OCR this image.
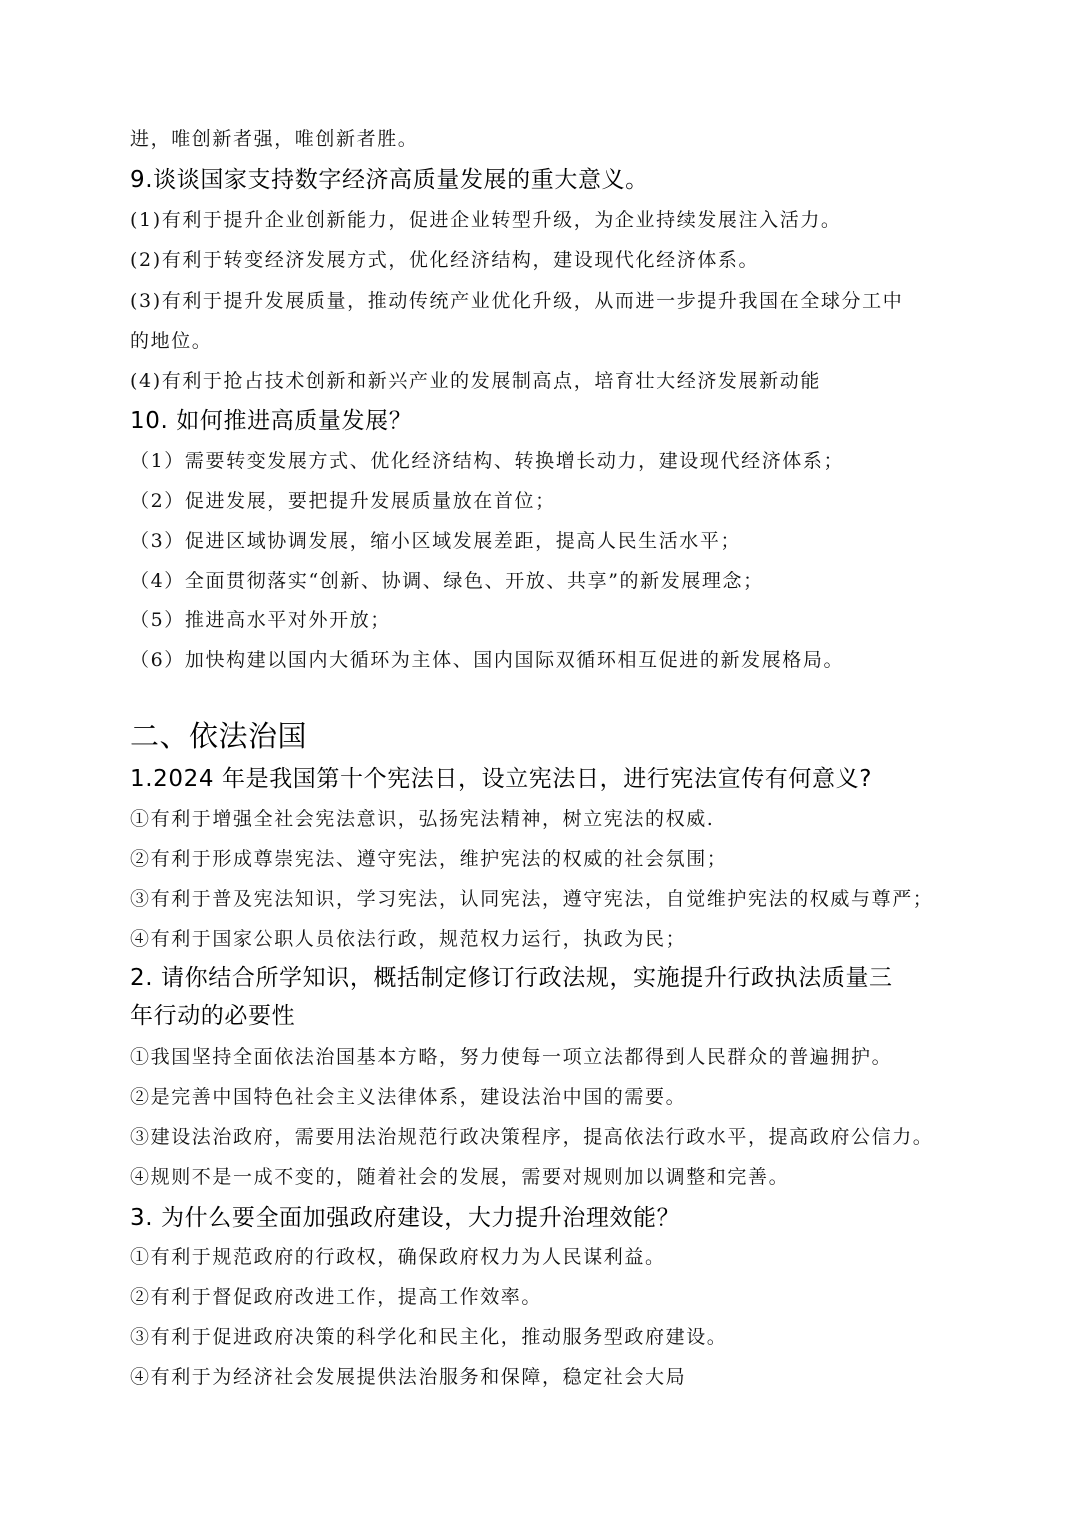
进，唯创新者强，唯创新者胜。
9.谈谈国家支持数字经济高质量发展的重大意义。
(1)有利于提升企业创新能力，促进企业转型升级，为企业持续发展注入活力。
(2)有利于转变经济发展方式，优化经济结构，建设现代化经济体系。
(3)有利于提升发展质量，推动传统产业优化升级，从而进一步提升我国在全球分工中
的地位。
(4)有利于抢占技术创新和新兴产业的发展制高点，培育壮大经济发展新动能
10. 如何推进高质量发展？
（1）需要转变发展方式、优化经济结构、转换增长动力，建设现代经济体系；
（2）促进发展，要把提升发展质量放在首位；
（3）促进区域协调发展，缩小区域发展差距，提高人民生活水平；
（4）全面贯彻落实“创新、协调、绿色、开放、共享”的新发展理念；
（5）推进高水平对外开放；
（6）加快构建以国内大循环为主体、国内国际双循环相互促进的新发展格局。
二、依法治国
1.2024 年是我国第十个宪法日，设立宪法日，进行宪法宣传有何意义?
①有利于增强全社会宪法意识，弘扬宪法精神，树立宪法的权威.
②有利于形成尊崇宪法、遵守宪法，维护宪法的权威的社会氛围；
③有利于普及宪法知识，学习宪法，认同宪法，遵守宪法，自觉维护宪法的权威与尊严；
④有利于国家公职人员依法行政，规范权力运行，执政为民；
2. 请你结合所学知识，概括制定修订行政法规，实施提升行政执法质量三
年行动的必要性
①我国坚持全面依法治国基本方略，努力使每一项立法都得到人民群众的普遍拥护。
②是完善中国特色社会主义法律体系，建设法治中国的需要。
③建设法治政府，需要用法治规范行政决策程序，提高依法行政水平，提高政府公信力。
④规则不是一成不变的，随着社会的发展，需要对规则加以调整和完善。
3. 为什么要全面加强政府建设，大力提升治理效能？
①有利于规范政府的行政权，确保政府权力为人民谋利益。
②有利于督促政府改进工作，提高工作效率。
③有利于促进政府决策的科学化和民主化，推动服务型政府建设。
④有利于为经济社会发展提供法治服务和保障，稳定社会大局
